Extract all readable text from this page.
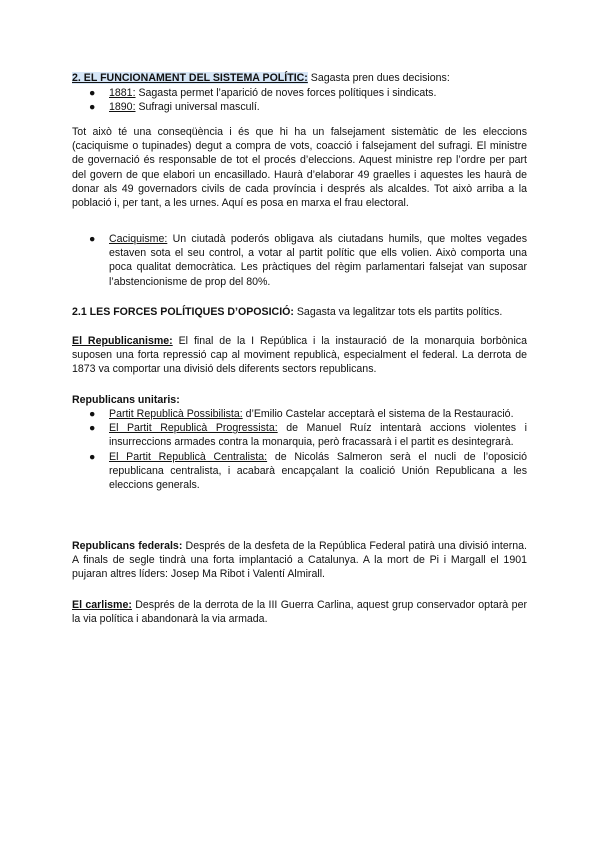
2. EL FUNCIONAMENT DEL SISTEMA POLÍTIC: Sagasta pren dues decisions:
● 1881: Sagasta permet l’aparició de noves forces polítiques i sindicats.
● 1890: Sufragi universal masculí.

Tot això té una conseqüència i és que hi ha un falsejament sistemàtic de les eleccions (caciquisme o tupinades) degut a compra de vots, coacció i falsejament del sufragi. El ministre de governació és responsable de tot el procés d’eleccions. Aquest ministre rep l’ordre per part del govern de que elabori un encasillado. Haurà d’elaborar 49 graelles i aquestes les haurà de donar als 49 governadors civils de cada província i després als alcaldes. Tot això arriba a la població i, per tant, a les urnes. Aquí es posa en marxa el frau electoral.

● Caciquisme: Un ciutadà poderós obligava als ciutadans humils, que moltes vegades estaven sota el seu control, a votar al partit polític que ells volien. Això comporta una poca qualitat democràtica. Les pràctiques del règim parlamentari falsejat van suposar l’abstencionisme de prop del 80%.
2.1 LES FORCES POLÍTIQUES D’OPOSICIÓ: Sagasta va legalitzar tots els partits polítics.

El Republicanisme: El final de la I República i la instauració de la monarquia borbònica suposen una forta repressió cap al moviment republicà, especialment el federal. La derrota de 1873 va comportar una divisió dels diferents sectors republicans.

Republicans unitaris:
● Partit Republicà Possibilista: d’Emilio Castelar acceptarà el sistema de la Restauració.
● El Partit Republicà Progressista: de Manuel Ruíz intentarà accions violentes i insurreccions armades contra la monarquia, però fracassarà i el partit es desintegrarà.
● El Partit Republicà Centralista: de Nicolás Salmeron serà el nucli de l’oposició republicana centralista, i acabarà encapçalant la coalició Unión Republicana a les eleccions generals.

Republicans federals: Després de la desfeta de la República Federal patirà una divisió interna. A finals de segle tindrà una forta implantació a Catalunya. A la mort de Pi i Margall el 1901 pujaran altres líders: Josep Ma Ribot i Valentí Almirall.

El carlisme: Després de la derrota de la III Guerra Carlina, aquest grup conservador optarà per la via política i abandonarà la via armada.
